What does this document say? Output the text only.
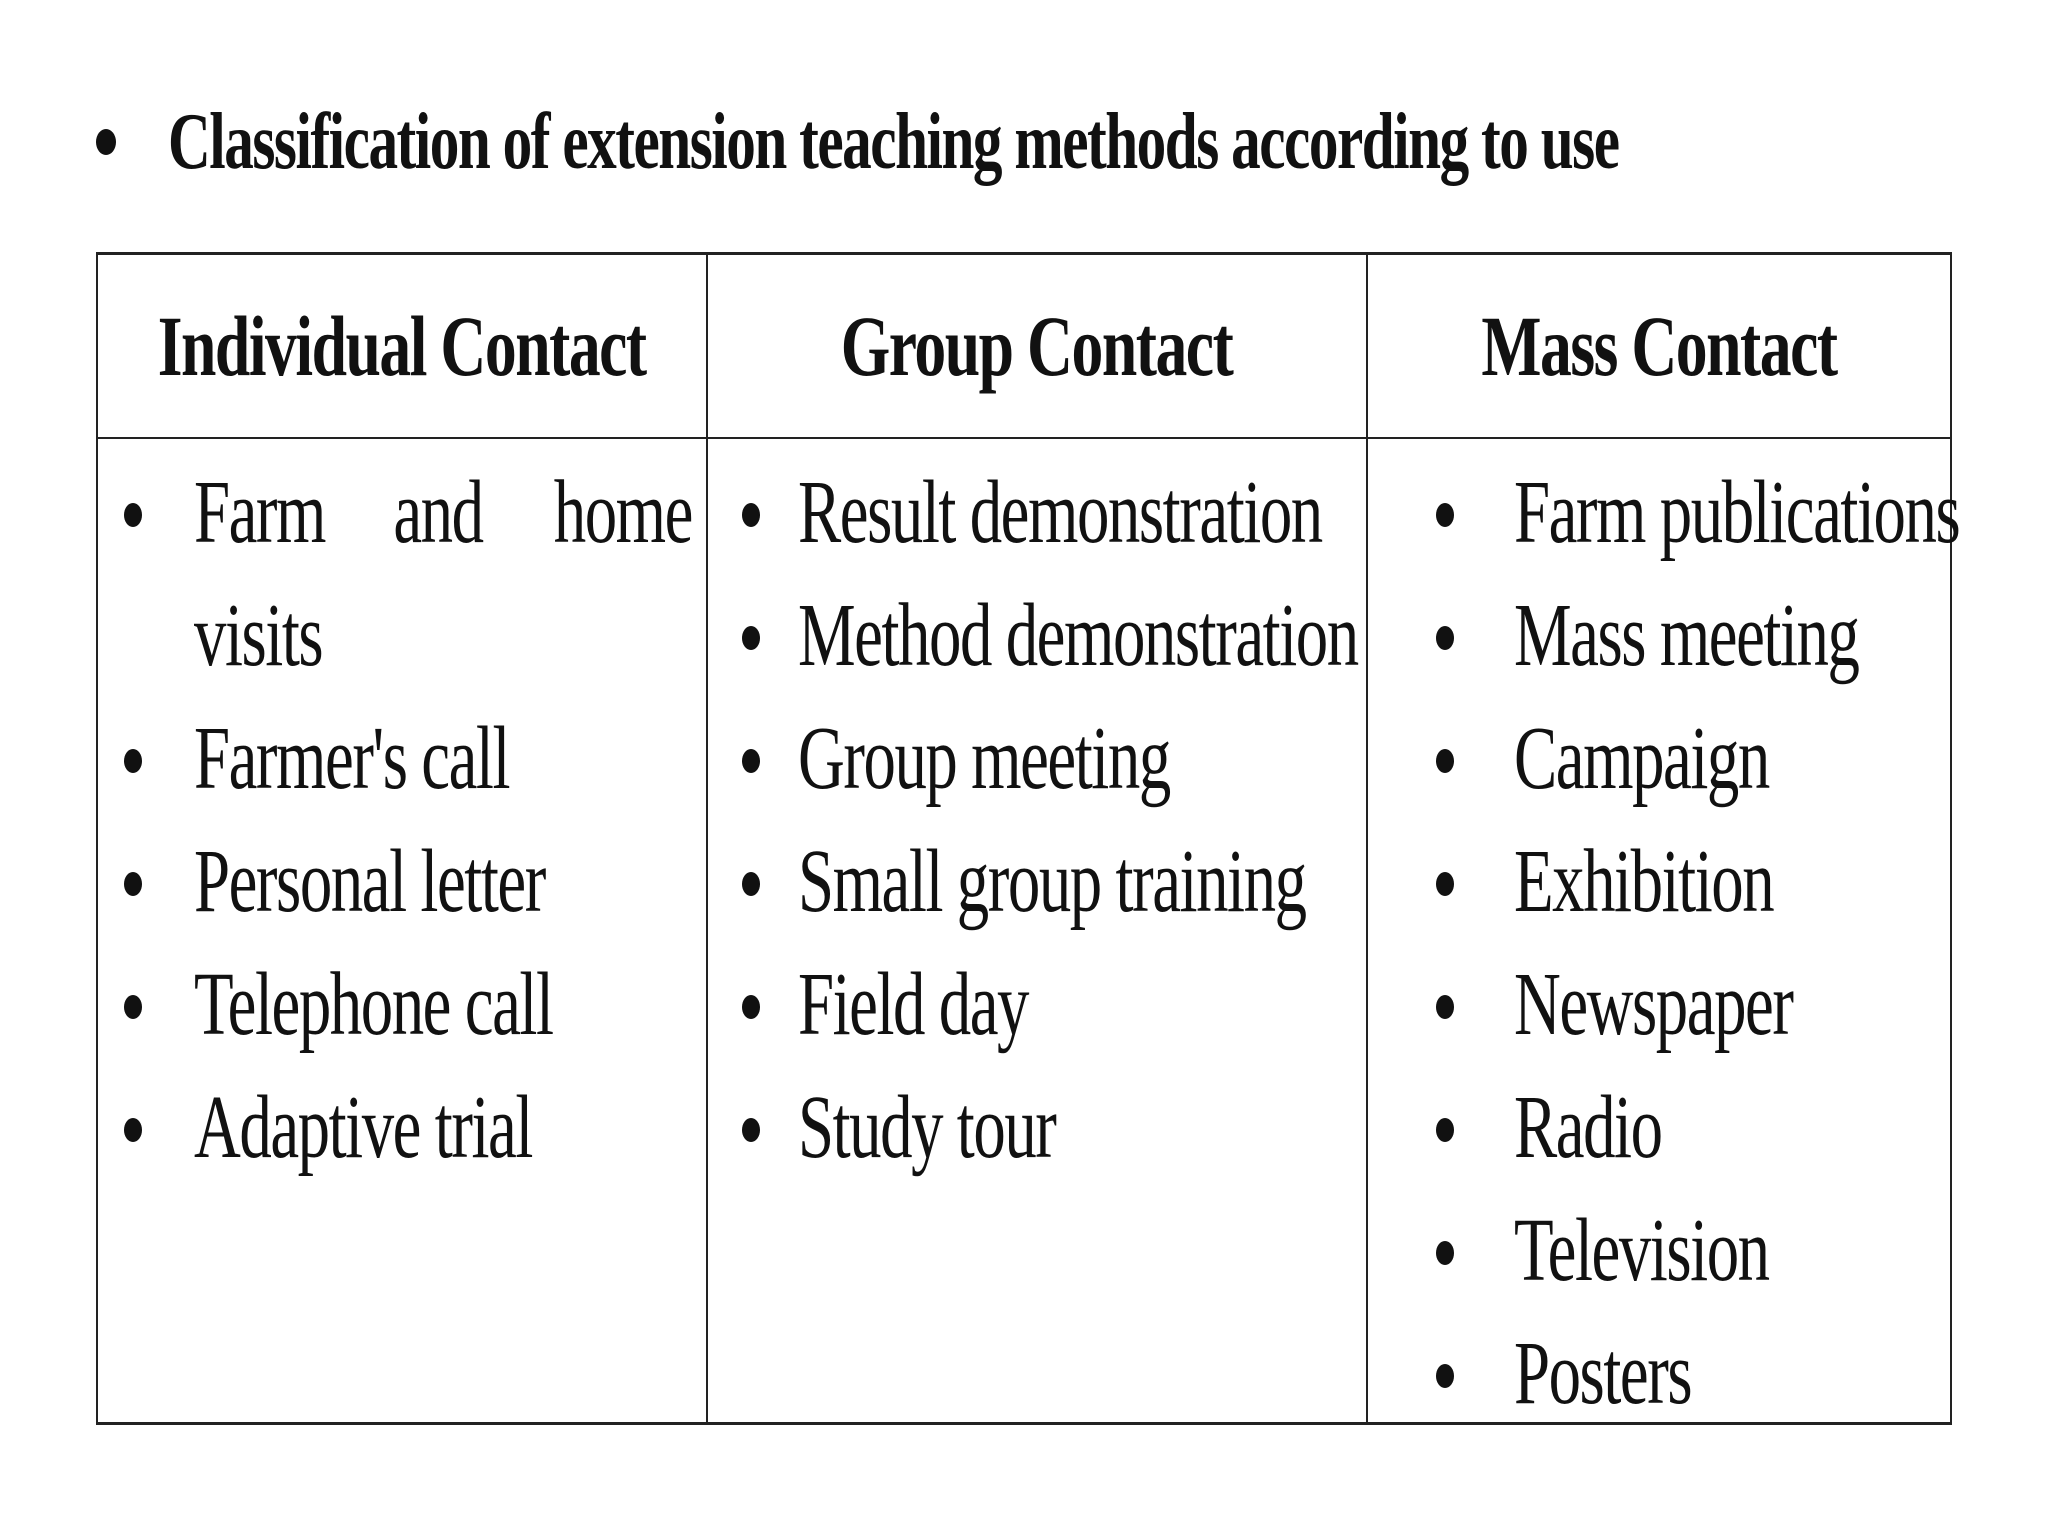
Classification of extension teaching methods according to use
Individual Contact Group Contact	Mass Contact
Farm and home
visits
Farmer's call
Personal letter
Telephone call
Adaptive trial
Result demonstration
Method demonstration
Group meeting
Small group training
Field day
Study tour
Farm publications
Mass meeting
Campaign
Exhibition
Newspaper
Radio
Television
Posters
